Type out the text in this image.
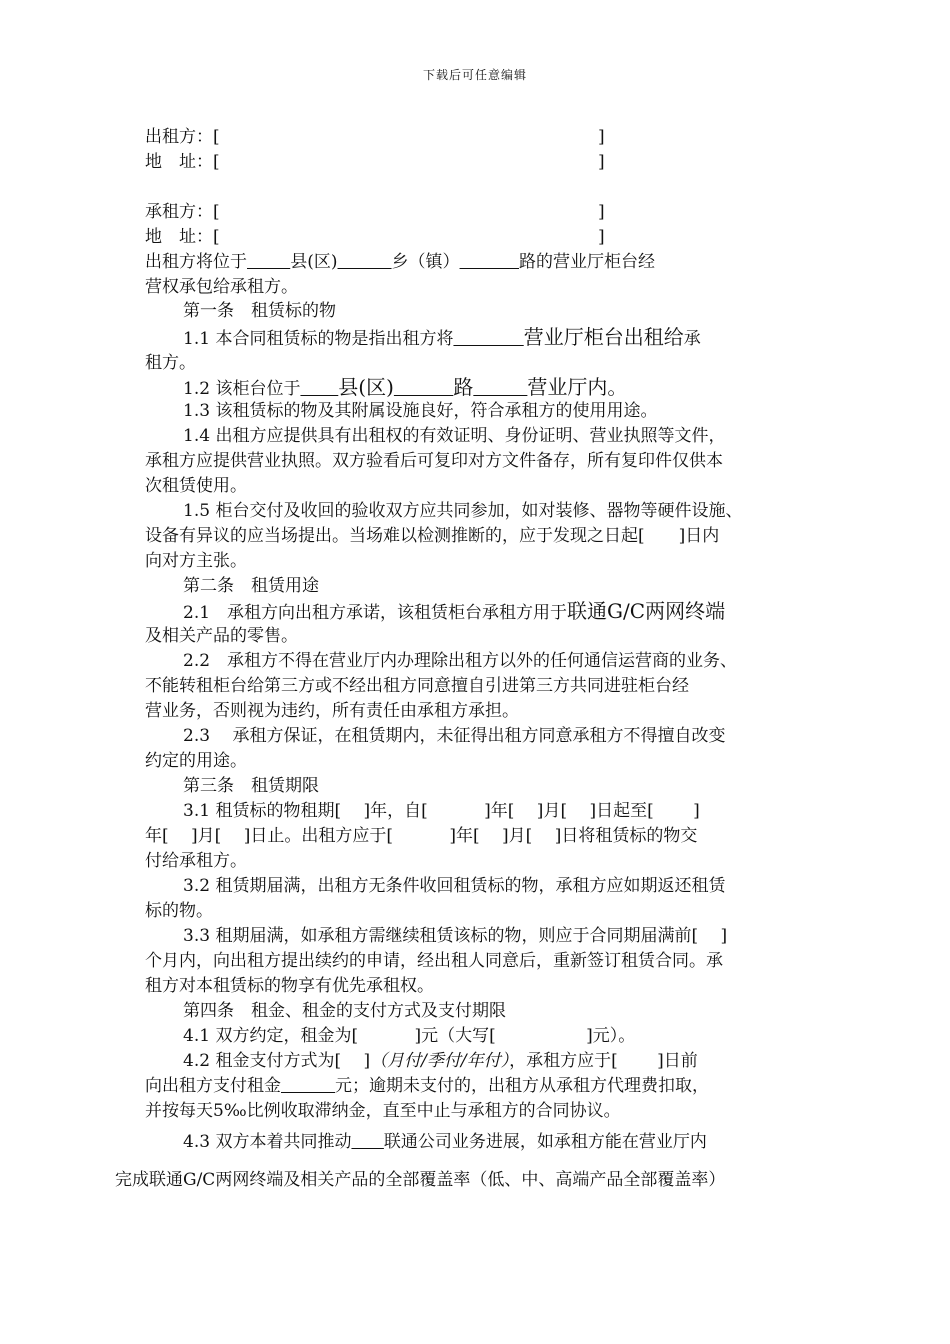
下载后可任意编辑
出租方：[	]
地　址：[	]
承租方：[	]
地　址：[	]
出租方将位于	县(区)	乡（镇）	路的营业厅柜台经
营权承包给承租方。
第一条　租赁标的物
1.1 本合同租赁标的物是指出租方将	营业厅柜台出租给承
租方。
1.2 该柜台位于 县(区)	路	营业厅内。
1.3 该租赁标的物及其附属设施良好，符合承租方的使用用途。
1.4 出租方应提供具有出租权的有效证明、身份证明、营业执照等文件，
承租方应提供营业执照。双方验看后可复印对方文件备存，所有复印件仅供本
次租赁使用。
1.5 柜台交付及收回的验收双方应共同参加，如对装修、器物等硬件设施、
设备有异议的应当场提出。当场难以检测推断的，应于发现之日起[　　]日内
向对方主张。
第二条　租赁用途
2.1　承租方向出租方承诺，该租赁柜台承租方用于联通G/C两网终端
及相关产品的零售。
2.2　承租方不得在营业厅内办理除出租方以外的任何通信运营商的业务、
不能转租柜台给第三方或不经出租方同意擅自引进第三方共同进驻柜台经
营业务，否则视为违约，所有责任由承租方承担。
2.3　 承租方保证，在租赁期内，未征得出租方同意承租方不得擅自改变
约定的用途。
第三条　租赁期限
3.1 租赁标的物租期[　 ]年，自[　　　 ]年[　 ]月[　 ]日起至[　　 ]
年[　 ]月[　 ]日止。出租方应于[　　　 ]年[　 ]月[　 ]日将租赁标的物交
付给承租方。
3.2 租赁期届满，出租方无条件收回租赁标的物，承租方应如期返还租赁
标的物。
3.3 租期届满，如承租方需继续租赁该标的物，则应于合同期届满前[　 ]
个月内，向出租方提出续约的申请，经出租人同意后，重新签订租赁合同。承
租方对本租赁标的物享有优先承租权。
第四条　租金、租金的支付方式及支付期限
4.1 双方约定，租金为[　　　 ]元（大写[　　　　　 ]元）。
4.2 租金支付方式为[　 ]（月付/季付/年付），承租方应于[　　 ]日前
向出租方支付租金	元；逾期未支付的，出租方从承租方代理费扣取，
并按每天5‰比例收取滞纳金，直至中止与承租方的合同协议。
4.3 双方本着共同推动 联通公司业务进展，如承租方能在营业厅内
完成联通G/C两网终端及相关产品的全部覆盖率（低、中、高端产品全部覆盖率）
